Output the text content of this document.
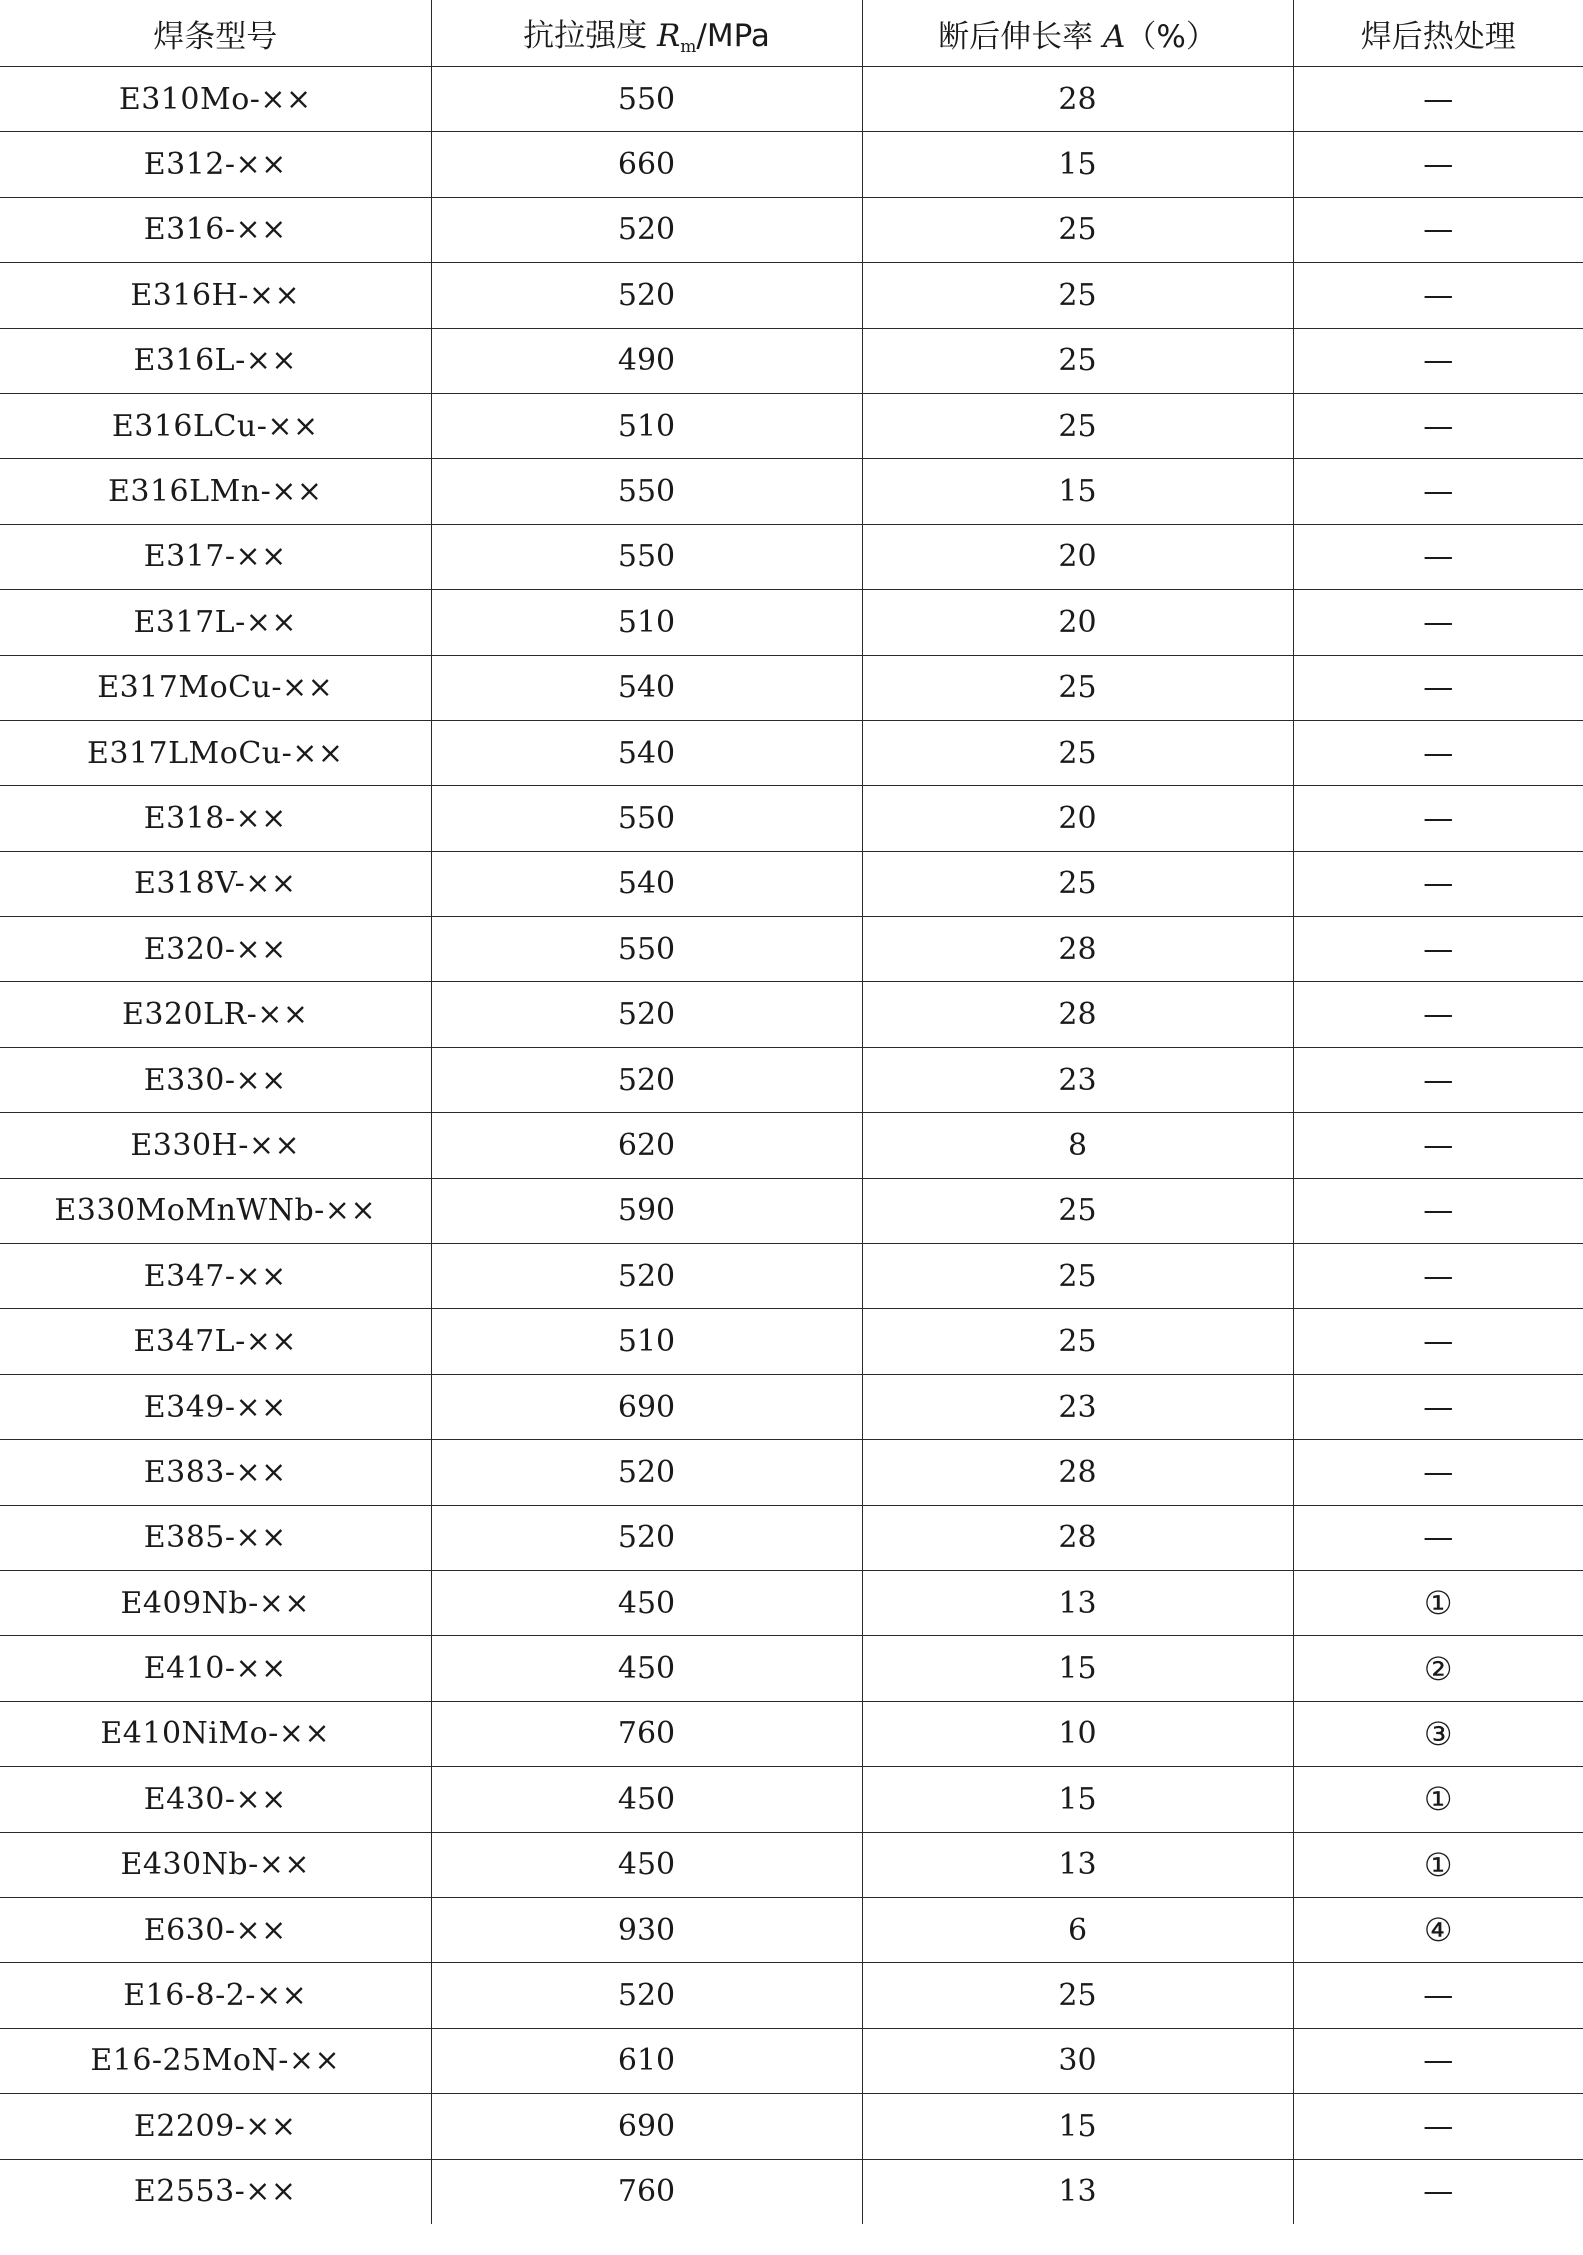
焊条型号	抗拉强度 $R_m$/MPa	断后伸长率 A（%）	焊后热处理
E310Mo-××	550	28	—
E312-××	660	15	—
E316-××	520	25	—
E316H-××	520	25	—
E316L-××	490	25	—
E316LCu-××	510	25	—
E316LMn-××	550	15	—
E317-××	550	20	—
E317L-××	510	20	—
E317MoCu-××	540	25	—
E317LMoCu-××	540	25	—
E318-××	550	20	—
E318V-××	540	25	—
E320-××	550	28	—
E320LR-××	520	28	—
E330-××	520	23	—
E330H-××	620	8	—
E330MoMnWNb-××	590	25	—
E347-××	520	25	—
E347L-××	510	25	—
E349-××	690	23	—
E383-××	520	28	—
E385-××	520	28	—
E409Nb-××	450	13	①
E410-××	450	15	②
E410NiMo-××	760	10	③
E430-××	450	15	①
E430Nb-××	450	13	①
E630-××	930	6	④
E16-8-2-××	520	25	—
E16-25MoN-××	610	30	—
E2209-××	690	15	—
E2553-××	760	13	—
